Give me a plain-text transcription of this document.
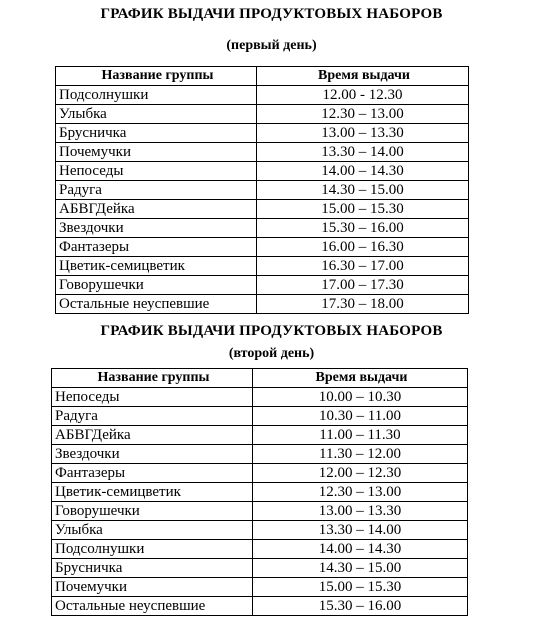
ГРАФИК ВЫДАЧИ ПРОДУКТОВЫХ НАБОРОВ
(первый день)
Название группы	Время выдачи
Подсолнушки	12.00 - 12.30
Улыбка	12.30 – 13.00
Брусничка	13.00 – 13.30
Почемучки	13.30 – 14.00
Непоседы	14.00 – 14.30
Радуга	14.30 – 15.00
АБВГДейка	15.00 – 15.30
Звездочки	15.30 – 16.00
Фантазеры	16.00 – 16.30
Цветик-семицветик	16.30 – 17.00
Говорушечки	17.00 – 17.30
Остальные неуспевшие	17.30 – 18.00
ГРАФИК ВЫДАЧИ ПРОДУКТОВЫХ НАБОРОВ
(второй день)
Название группы	Время выдачи
Непоседы	10.00 – 10.30
Радуга	10.30 – 11.00
АБВГДейка	11.00 – 11.30
Звездочки	11.30 – 12.00
Фантазеры	12.00 – 12.30
Цветик-семицветик	12.30 – 13.00
Говорушечки	13.00 – 13.30
Улыбка	13.30 – 14.00
Подсолнушки	14.00 – 14.30
Брусничка	14.30 – 15.00
Почемучки	15.00 – 15.30
Остальные неуспевшие	15.30 – 16.00
